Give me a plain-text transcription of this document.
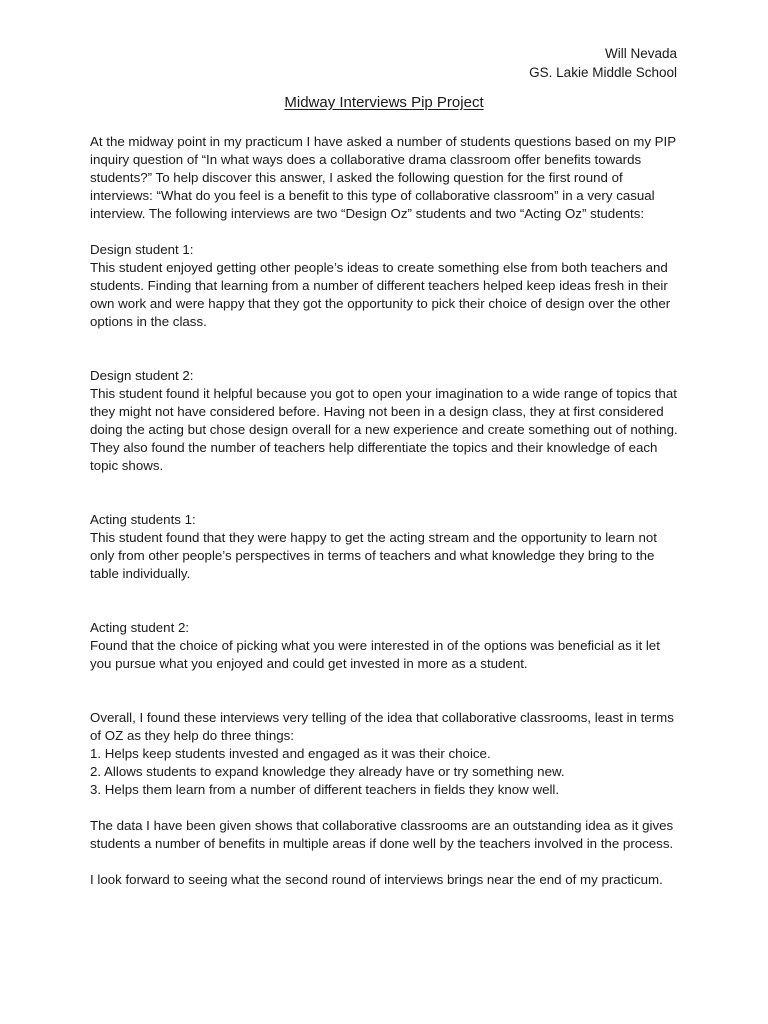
Will Nevada
GS. Lakie Middle School
Midway Interviews Pip Project

At the midway point in my practicum I have asked a number of students questions based on my PIP inquiry question of “In what ways does a collaborative drama classroom offer benefits towards students?” To help discover this answer, I asked the following question for the first round of interviews: “What do you feel is a benefit to this type of collaborative classroom” in a very casual interview. The following interviews are two “Design Oz” students and two “Acting Oz” students:

Design student 1:

This student enjoyed getting other people’s ideas to create something else from both teachers and students. Finding that learning from a number of different teachers helped keep ideas fresh in their own work and were happy that they got the opportunity to pick their choice of design over the other options in the class.

Design student 2:

This student found it helpful because you got to open your imagination to a wide range of topics that they might not have considered before. Having not been in a design class, they at first considered doing the acting but chose design overall for a new experience and create something out of nothing. They also found the number of teachers help differentiate the topics and their knowledge of each topic shows.

Acting students 1:

This student found that they were happy to get the acting stream and the opportunity to learn not only from other people’s perspectives in terms of teachers and what knowledge they bring to the table individually.

Acting student 2:

Found that the choice of picking what you were interested in of the options was beneficial as it let you pursue what you enjoyed and could get invested in more as a student.

Overall, I found these interviews very telling of the idea that collaborative classrooms, least in terms of OZ as they help do three things:

1. Helps keep students invested and engaged as it was their choice.
2. Allows students to expand knowledge they already have or try something new.
3. Helps them learn from a number of different teachers in fields they know well.

The data I have been given shows that collaborative classrooms are an outstanding idea as it gives students a number of benefits in multiple areas if done well by the teachers involved in the process.

I look forward to seeing what the second round of interviews brings near the end of my practicum.
